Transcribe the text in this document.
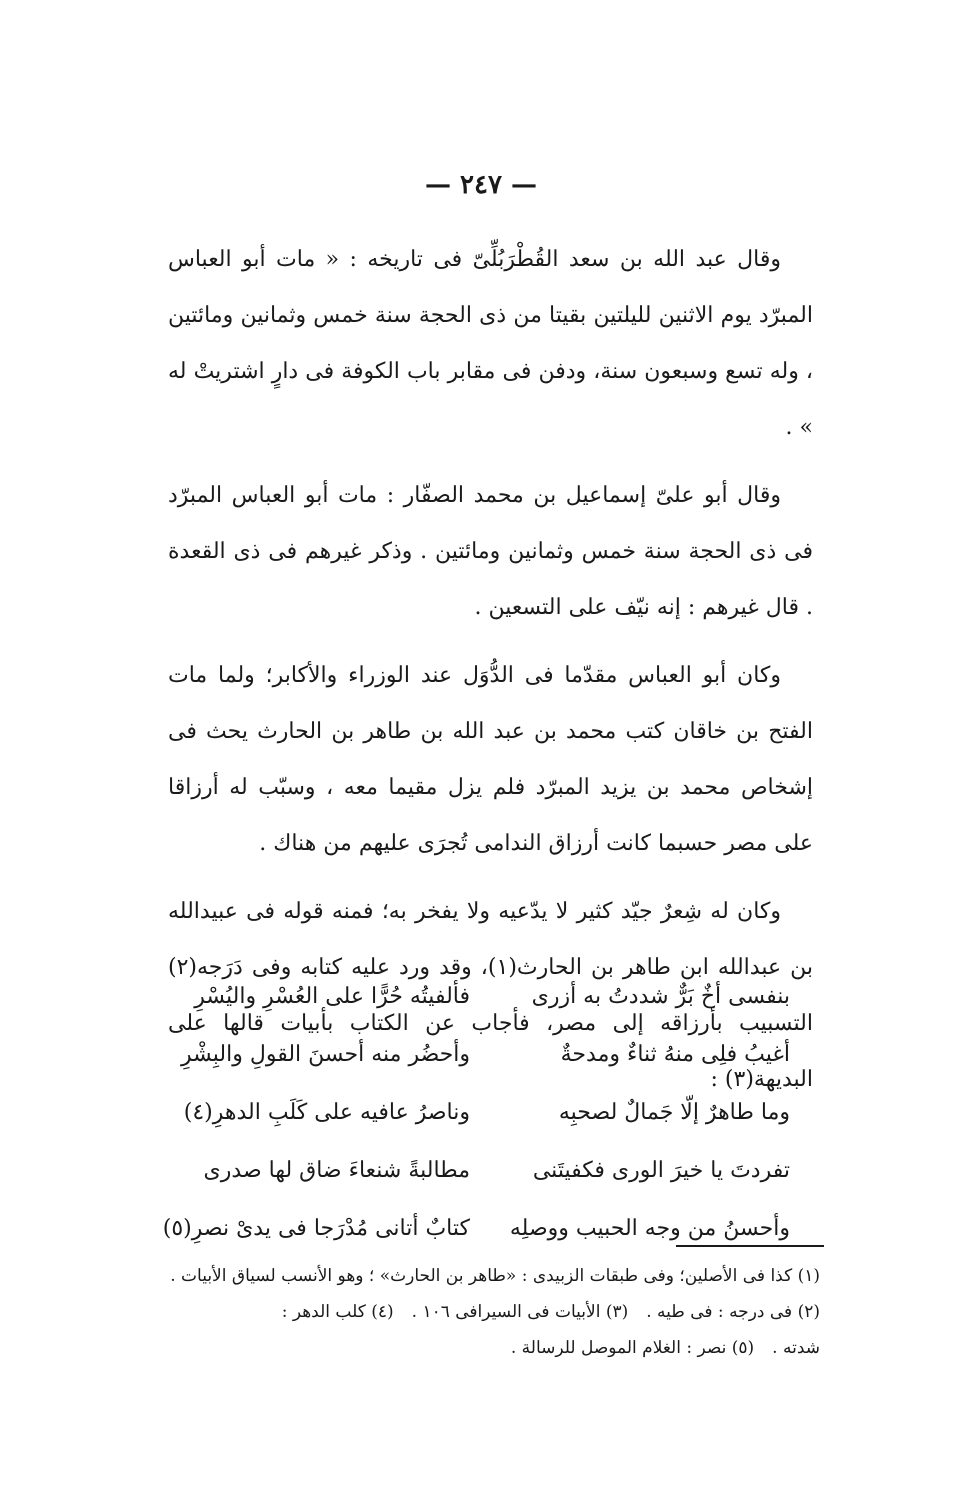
— ٢٤٧ —

وقال عبد الله بن سعد القُطْرَبُلِّىّ فى تاريخه : « مات أبو العباس المبرّد يوم الاثنين لليلتين بقيتا من ذى الحجة سنة خمس وثمانين ومائتين ، وله تسع وسبعون سنة، ودفن فى مقابر باب الكوفة فى دارٍ اشتريتْ له » .

وقال أبو علىّ إسماعيل بن محمد الصفّار : مات أبو العباس المبرّد فى ذى الحجة سنة خمس وثمانين ومائتين . وذكر غيرهم فى ذى القعدة . قال غيرهم : إنه نيّف على التسعين .

وكان أبو العباس مقدّما فى الدُّوَل عند الوزراء والأكابر؛ ولما مات الفتح بن خاقان كتب محمد بن عبد الله بن طاهر بن الحارث يحث فى إشخاص محمد بن يزيد المبرّد فلم يزل مقيما معه ، وسبّب له أرزاقا على مصر حسبما كانت أرزاق الندامى تُجرَى عليهم من هناك .

وكان له شِعرٌ جيّد كثير لا يدّعيه ولا يفخر به؛ فمنه قوله فى عبيدالله بن عبدالله ابن طاهر بن الحارث(١)، وقد ورد عليه كتابه وفى دَرَجه(٢) التسبيب بأرزاقه إلى مصر، فأجاب عن الكتاب بأبيات قالها على البديهة(٣) :

بنفسى أخٌ بَرٌّ شددتُ به أزرى
فألفيتُه حُرًّا على العُسْرِ واليُسْرِ
أغيبُ فلِى منهُ ثناءٌ ومدحةٌ
وأحضُر منه أحسنَ القولِ والبِشْرِ
وما طاهرٌ إلّا جَمالٌ لصحبِه
وناصرُ عافيه على كَلَبِ الدهرِ(٤)
تفردتَ يا خيرَ الورى فكفيتَنى
مطالبةً شنعاءَ ضاق لها صدرى
وأحسنُ من وجه الحبيب ووصلِه
كتابٌ أتانى مُدْرَجا فى يدىْ نصرِ(٥)
(١) كذا فى الأصلين؛ وفى طبقات الزبيدى : «طاهر بن الحارث» ؛ وهو الأنسب لسياق الأبيات .
(٢) فى درجه : فى طيه .
(٣) الأبيات فى السيرافى ١٠٦ .
(٤) كلب الدهر :
شدته .
(٥) نصر : الغلام الموصل للرسالة .
